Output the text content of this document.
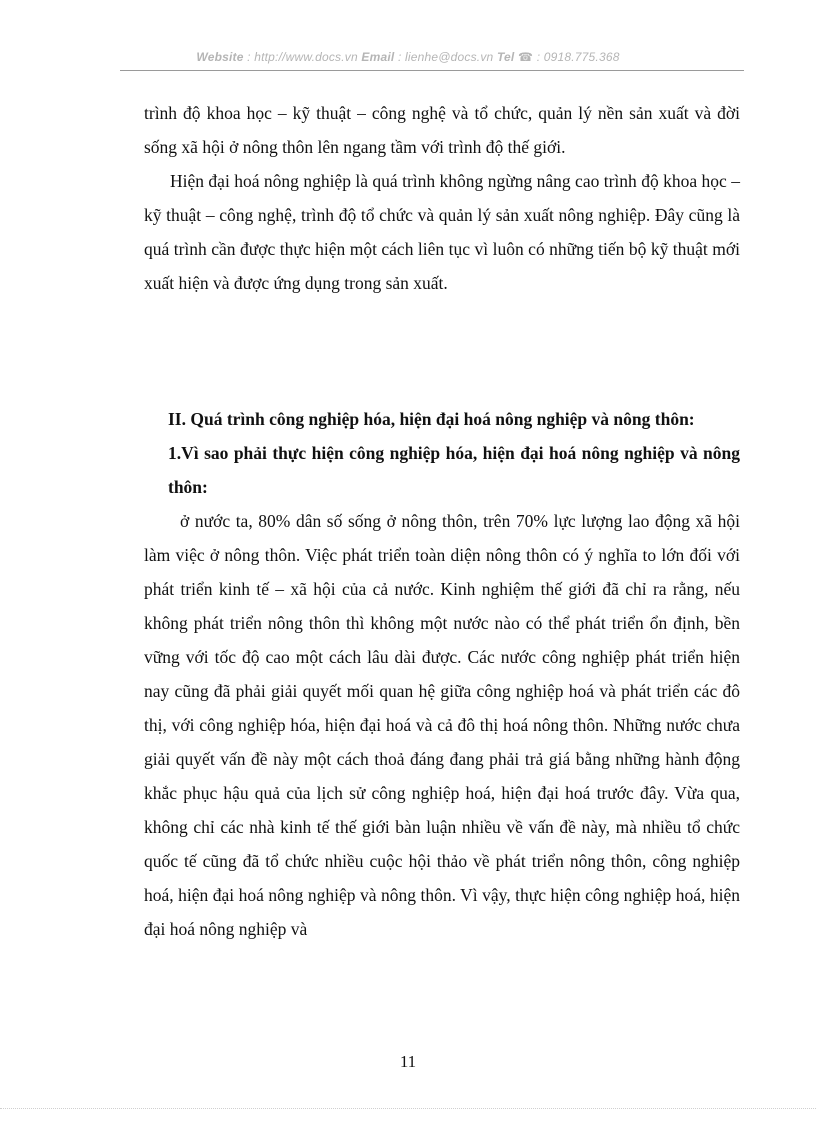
Website : http://www.docs.vn Email : lienhe@docs.vn Tel ☎ : 0918.775.368

trình độ khoa học – kỹ thuật – công nghệ và tổ chức, quản lý nền sản xuất và đời sống xã hội ở nông thôn lên ngang tầm với trình độ thế giới.

Hiện đại hoá nông nghiệp là quá trình không ngừng nâng cao trình độ khoa học – kỹ thuật – công nghệ, trình độ tổ chức và quản lý sản xuất nông nghiệp. Đây cũng là quá trình cần được thực hiện một cách liên tục vì luôn có những tiến bộ kỹ thuật mới xuất hiện và được ứng dụng trong sản xuất.

II. Quá trình công nghiệp hóa, hiện đại hoá nông nghiệp và nông thôn:

1.Vì sao phải thực hiện công nghiệp hóa, hiện đại hoá nông nghiệp và nông thôn:

ở nước ta, 80% dân số sống ở nông thôn, trên 70% lực lượng lao động xã hội làm việc ở nông thôn. Việc phát triển toàn diện nông thôn có ý nghĩa to lớn đối với phát triển kinh tế – xã hội của cả nước. Kinh nghiệm thế giới đã chỉ ra rằng, nếu không phát triển nông thôn thì không một nước nào có thể phát triển ổn định, bền vững với tốc độ cao một cách lâu dài được. Các nước công nghiệp phát triển hiện nay cũng đã phải giải quyết mối quan hệ giữa công nghiệp hoá và phát triển các đô thị, với công nghiệp hóa, hiện đại hoá và cả đô thị hoá nông thôn. Những nước chưa giải quyết vấn đề này một cách thoả đáng đang phải trả giá bằng những hành động khắc phục hậu quả của lịch sử công nghiệp hoá, hiện đại hoá trước đây. Vừa qua, không chỉ các nhà kinh tế thế giới bàn luận nhiều về vấn đề này, mà nhiều tổ chức quốc tế cũng đã tổ chức nhiều cuộc hội thảo về phát triển nông thôn, công nghiệp hoá, hiện đại hoá nông nghiệp và nông thôn. Vì vậy, thực hiện công nghiệp hoá, hiện đại hoá nông nghiệp và

11
